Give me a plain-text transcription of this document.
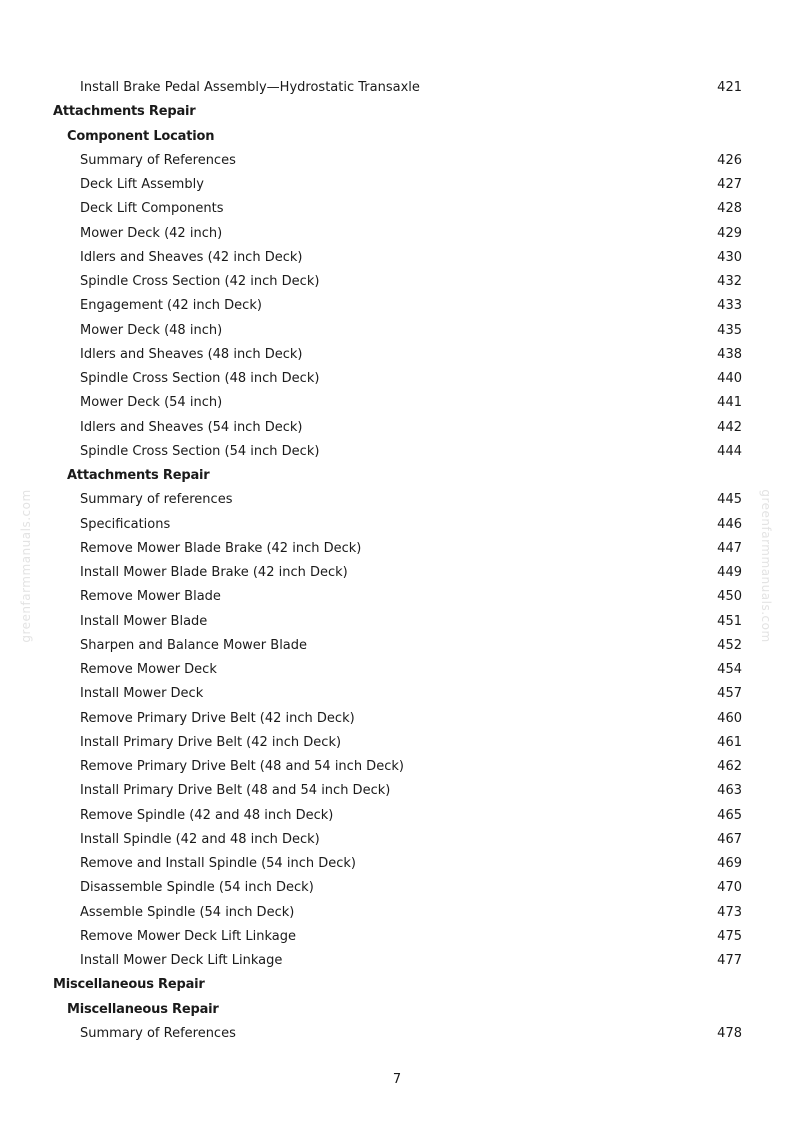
greenfarmmanuals.com	greenfarmmanuals.com
Install Brake Pedal Assembly—Hydrostatic Transaxle	421
Attachments Repair
Component Location
Summary of References	426
Deck Lift Assembly	427
Deck Lift Components	428
Mower Deck (42 inch)	429
Idlers and Sheaves (42 inch Deck)	430
Spindle Cross Section (42 inch Deck)	432
Engagement (42 inch Deck)	433
Mower Deck (48 inch)	435
Idlers and Sheaves (48 inch Deck)	438
Spindle Cross Section (48 inch Deck)	440
Mower Deck (54 inch)	441
Idlers and Sheaves (54 inch Deck)	442
Spindle Cross Section (54 inch Deck)	444
Attachments Repair
Summary of references	445
Specifications	446
Remove Mower Blade Brake (42 inch Deck)	447
Install Mower Blade Brake (42 inch Deck)	449
Remove Mower Blade	450
Install Mower Blade	451
Sharpen and Balance Mower Blade	452
Remove Mower Deck	454
Install Mower Deck	457
Remove Primary Drive Belt (42 inch Deck)	460
Install Primary Drive Belt (42 inch Deck)	461
Remove Primary Drive Belt (48 and 54 inch Deck)	462
Install Primary Drive Belt (48 and 54 inch Deck)	463
Remove Spindle (42 and 48 inch Deck)	465
Install Spindle (42 and 48 inch Deck)	467
Remove and Install Spindle (54 inch Deck)	469
Disassemble Spindle (54 inch Deck)	470
Assemble Spindle (54 inch Deck)	473
Remove Mower Deck Lift Linkage	475
Install Mower Deck Lift Linkage	477
Miscellaneous Repair
Miscellaneous Repair
Summary of References	478
7
